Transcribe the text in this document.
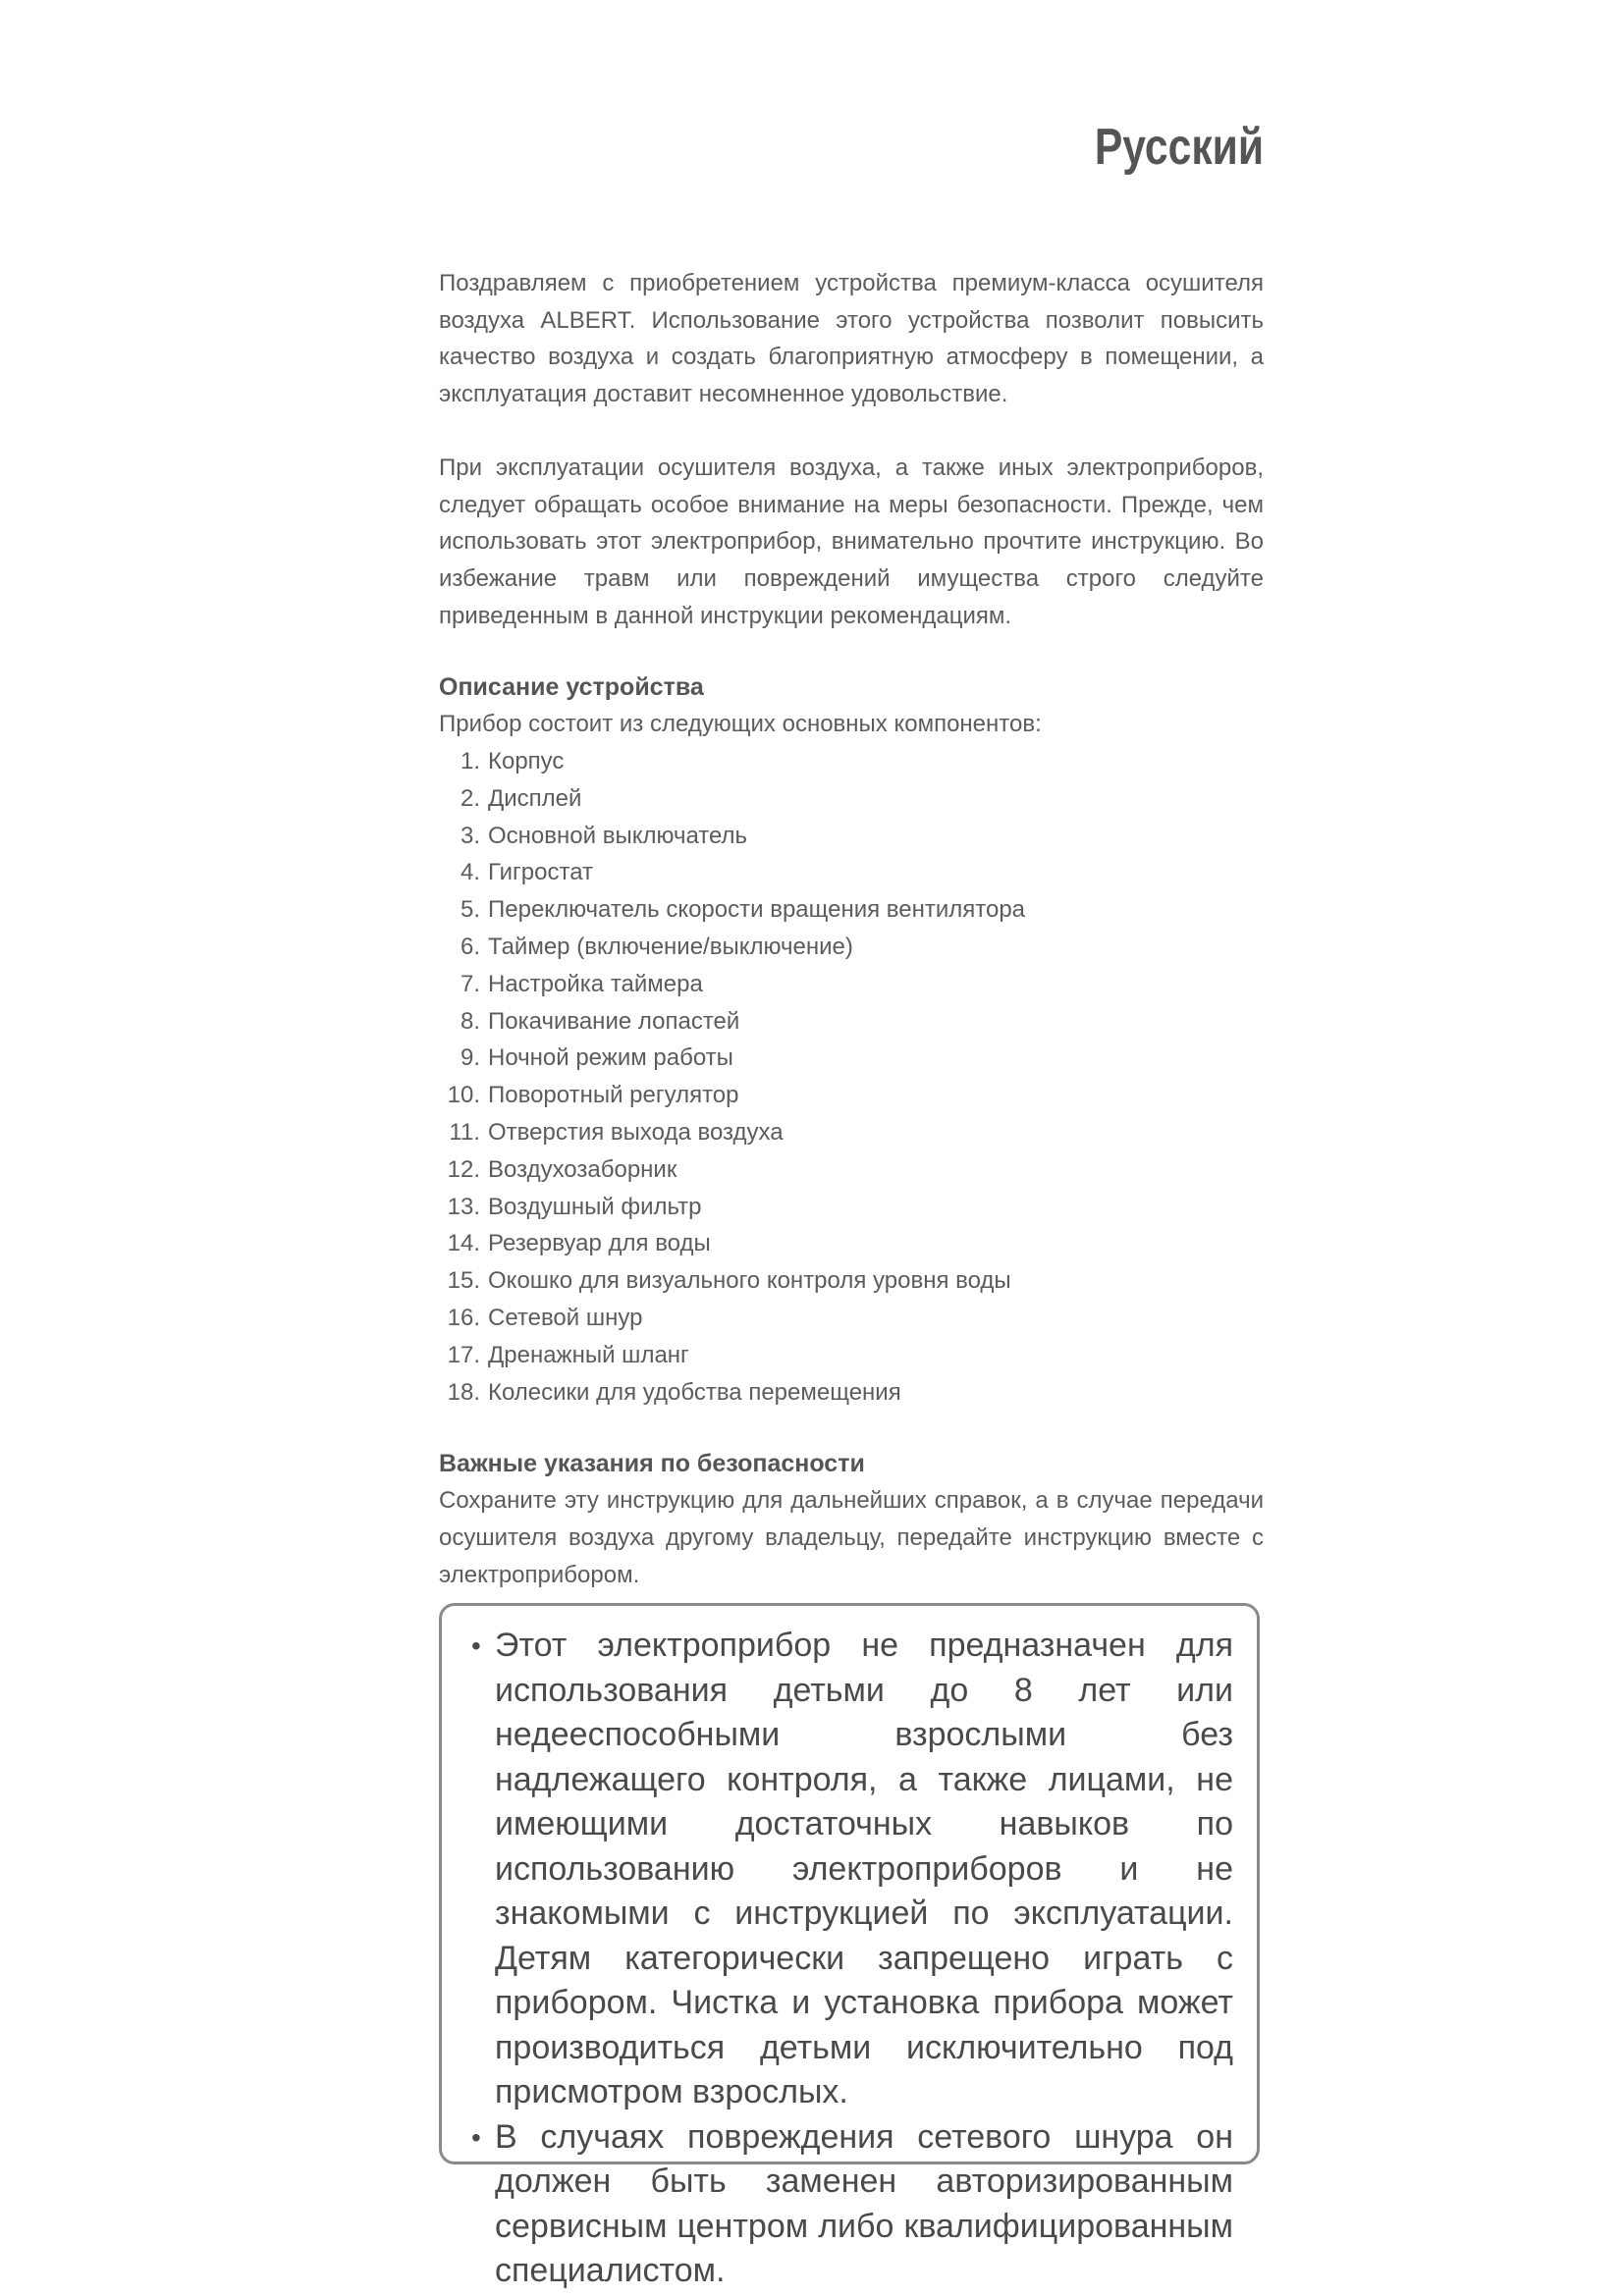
Русский

Поздравляем с приобретением устройства премиум-класса осушителя воздуха ALBERT. Использование этого устройства позволит повысить качество воздуха и создать благоприятную атмосферу в помещении, а эксплуатация доставит несомненное удовольствие.

При эксплуатации осушителя воздуха, а также иных электроприборов, следует обращать особое внимание на меры безопасности. Прежде, чем использовать этот электроприбор, внимательно прочтите инструкцию. Во избежание травм или повреждений имущества строго следуйте приведенным в данной инструкции рекомендациям.

Описание устройства

Прибор состоит из следующих основных компонентов:

1. Корпус
2. Дисплей
3. Основной выключатель
4. Гигростат
5. Переключатель скорости вращения вентилятора
6. Таймер (включение/выключение)
7. Настройка таймера
8. Покачивание лопастей
9. Ночной режим работы
10. Поворотный регулятор
11. Отверстия выхода воздуха
12. Воздухозаборник
13. Воздушный фильтр
14. Резервуар для воды
15. Окошко для визуального контроля уровня воды
16. Сетевой шнур
17. Дренажный шланг
18. Колесики для удобства перемещения
Важные указания по безопасности

Сохраните эту инструкцию для дальнейших справок, а в случае передачи осушителя воздуха другому владельцу, передайте инструкцию вместе с электроприбором.

• Этот электроприбор не предназначен для использования детьми до 8 лет или недееспособными взрослыми без надлежащего контроля, а также лицами, не имеющими достаточных навыков по использованию электроприборов и не знакомыми с инструкцией по эксплуатации. Детям категорически запрещено играть с прибором. Чистка и установка прибора может производиться детьми исключительно под присмотром взрослых.

• В случаях повреждения сетевого шнура он должен быть заменен авторизированным сервисным центром либо квалифицированным специалистом.
